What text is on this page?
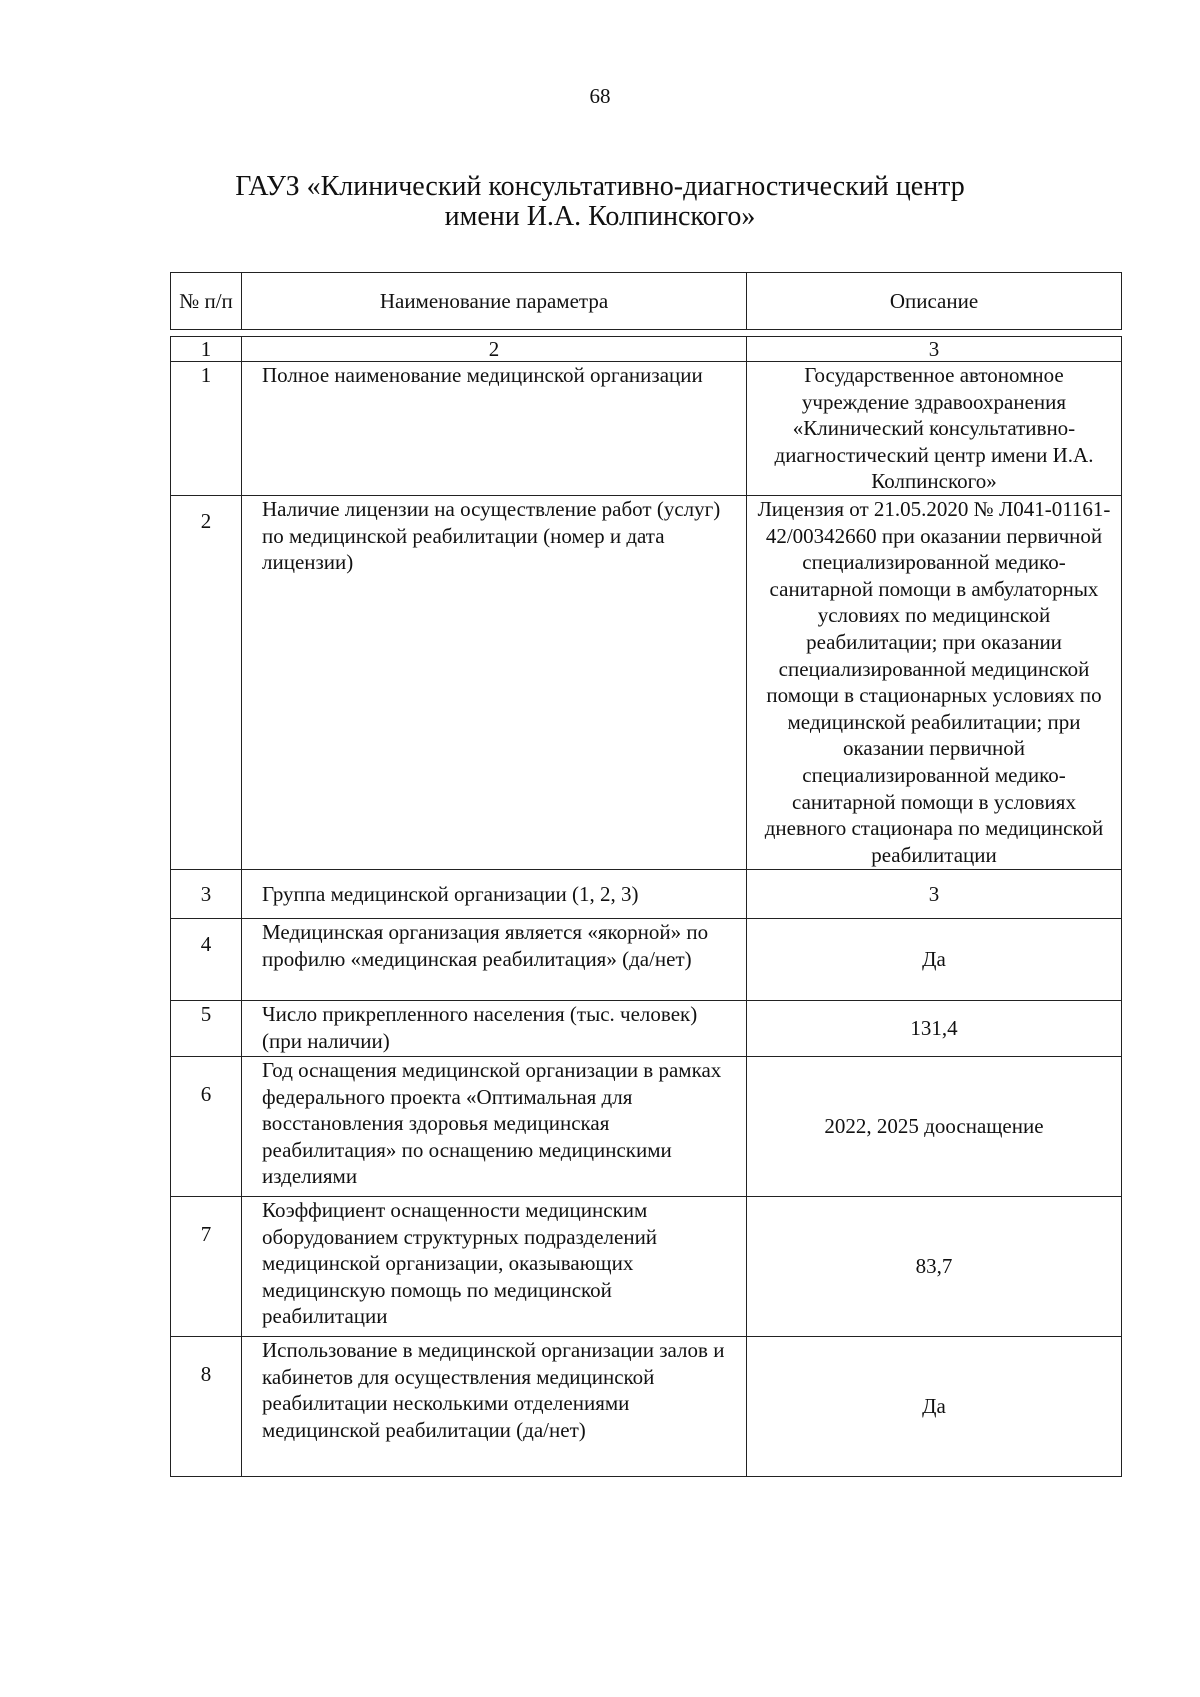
68
ГАУЗ «Клинический консультативно-диагностический центр
имени И.А. Колпинского»
№ п/п	Наименование параметра	Описание
1	2	3
1	Полное наименование медицинской организации	Государственное автономное учреждение здравоохранения «Клинический консультативно-диагностический центр имени И.А. Колпинского»
2	Наличие лицензии на осуществление работ (услуг) по медицинской реабилитации (номер и дата лицензии)	Лицензия от 21.05.2020 № Л041-01161-42/00342660 при оказании первичной специализированной медико-санитарной помощи в амбулаторных условиях по медицинской реабилитации; при оказании специализированной медицинской помощи в стационарных условиях по медицинской реабилитации; при оказании первичной специализированной медико-санитарной помощи в условиях дневного стационара по медицинской реабилитации
3	Группа медицинской организации (1, 2, 3)	3
4	Медицинская организация является «якорной» по профилю «медицинская реабилитация» (да/нет)	Да
5	Число прикрепленного населения (тыс. человек) (при наличии)	131,4
6	Год оснащения медицинской организации в рамках федерального проекта «Оптимальная для восстановления здоровья медицинская реабилитация» по оснащению медицинскими изделиями	2022, 2025 дооснащение
7	Коэффициент оснащенности медицинским оборудованием структурных подразделений медицинской организации, оказывающих медицинскую помощь по медицинской реабилитации	83,7
8	Использование в медицинской организации залов и кабинетов для осуществления медицинской реабилитации несколькими отделениями медицинской реабилитации (да/нет)	Да
